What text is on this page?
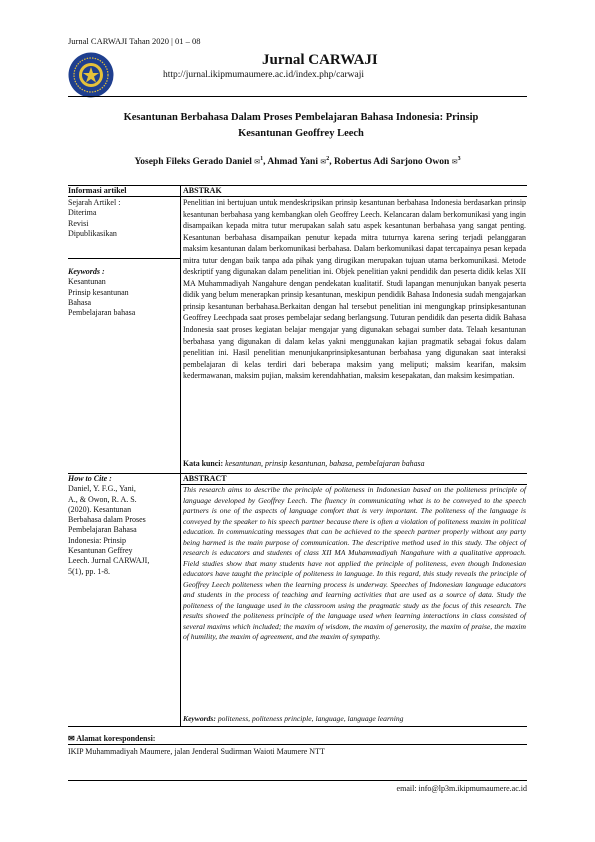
Jurnal CARWAJI Tahan 2020 | 01 – 08
Jurnal CARWAJI
http://jurnal.ikipmumaumere.ac.id/index.php/carwaji
Kesantunan Berbahasa Dalam Proses Pembelajaran Bahasa Indonesia: Prinsip
Kesantunan Geoffrey Leech
Yoseph Fileks Gerado Daniel ✉$^1$, Ahmad Yani ✉$^2$, Robertus Adi Sarjono Owon ✉$^3$
Informasi artikel	ABSTRAK
Sejarah Artikel :
Diterima
Revisi
Dipublikasikan
Keywords :
Kesantunan
Prinsip kesantunan
Bahasa
Pembelajaran bahasa
Penelitian ini bertujuan untuk mendeskripsikan prinsip kesantunan berbahasa Indonesia berdasarkan prinsip kesantunan berbahasa yang kembangkan oleh Geoffrey Leech. Kelancaran dalam berkomunikasi yang ingin disampaikan kepada mitra tutur merupakan salah satu aspek kesantunan berbahasa yang sangat penting. Kesantunan berbahasa disampaikan penutur kepada mitra tuturnya karena sering terjadi pelanggaran maksim kesantunan dalam berkomunikasi berbahasa. Dalam berkomunikasi dapat tercapainya pesan kepada mitra tutur dengan baik tanpa ada pihak yang dirugikan merupakan tujuan utama berkomunikasi. Metode deskriptif yang digunakan dalam penelitian ini. Objek penelitian yakni pendidik dan peserta didik kelas XII MA Muhammadiyah Nangahure dengan pendekatan kualitatif. Studi lapangan menunjukan banyak peserta didik yang belum menerapkan prinsip kesantunan, meskipun pendidik Bahasa Indonesia sudah mengajarkan prinsip kesantunan berbahasa.Berkaitan dengan hal tersebut penelitian ini mengungkap prinsipkesantunan Geoffrey Leechpada saat proses pembelajar sedang berlangsung. Tuturan pendidik dan peserta didik Bahasa Indonesia saat proses kegiatan belajar mengajar yang digunakan sebagai sumber data. Telaah kesantunan berbahasa yang digunakan di dalam kelas yakni menggunakan kajian pragmatik sebagai fokus dalam penelitian ini. Hasil penelitian menunjukanprinsipkesantunan berbahasa yang digunakan saat interaksi pembelajaran di kelas terdiri dari beberapa maksim yang meliputi; maksim kearifan, maksim kedermawanan, maksim pujian, maksim kerendahhatian, maksim kesepakatan, dan maksim kesimpatian.
Kata kunci: kesantunan, prinsip kesantunan, bahasa, pembelajaran bahasa
How to Cite :
Daniel, Y. F.G., Yani,
A., & Owon, R. A. S.
(2020). Kesantunan
Berbahasa dalam Proses
Pembelajaran Bahasa
Indonesia: Prinsip
Kesantunan Geffrey
Leech. Jurnal CARWAJI,
5(1), pp. 1-8.
ABSTRACT
This research aims to describe the principle of politeness in Indonesian based on the politeness principle of language developed by Geoffrey Leech. The fluency in communicating what is to be conveyed to the speech partners is one of the aspects of language comfort that is very important. The politeness of the language is conveyed by the speaker to his speech partner because there is often a violation of politeness maxim in political education. In communicating messages that can be achieved to the speech partner properly without any party being harmed is the main purpose of communication. The descriptive method used in this study. The object of research is educators and students of class XII MA Muhammadiyah Nangahure with a qualitative approach. Field studies show that many students have not applied the principle of politeness, even though Indonesian educators have taught the principle of politeness in language. In this regard, this study reveals the principle of Geoffrey Leech politeness when the learning process is underway. Speeches of Indonesian language educators and students in the process of teaching and learning activities that are used as a source of data. Study the politeness of the language used in the classroom using the pragmatic study as the focus of this research. The results showed the politeness principle of the language used when learning interactions in class consisted of several maxims which included; the maxim of wisdom, the maxim of generosity, the maxim of praise, the maxim of humility, the maxim of agreement, and the maxim of sympathy.
Keywords: politeness, politeness principle, language, language learning
✉ Alamat korespondensi:
IKIP Muhammadiyah Maumere, jalan Jenderal Sudirman Waioti Maumere NTT
email: info@lp3m.ikipmumaumere.ac.id
